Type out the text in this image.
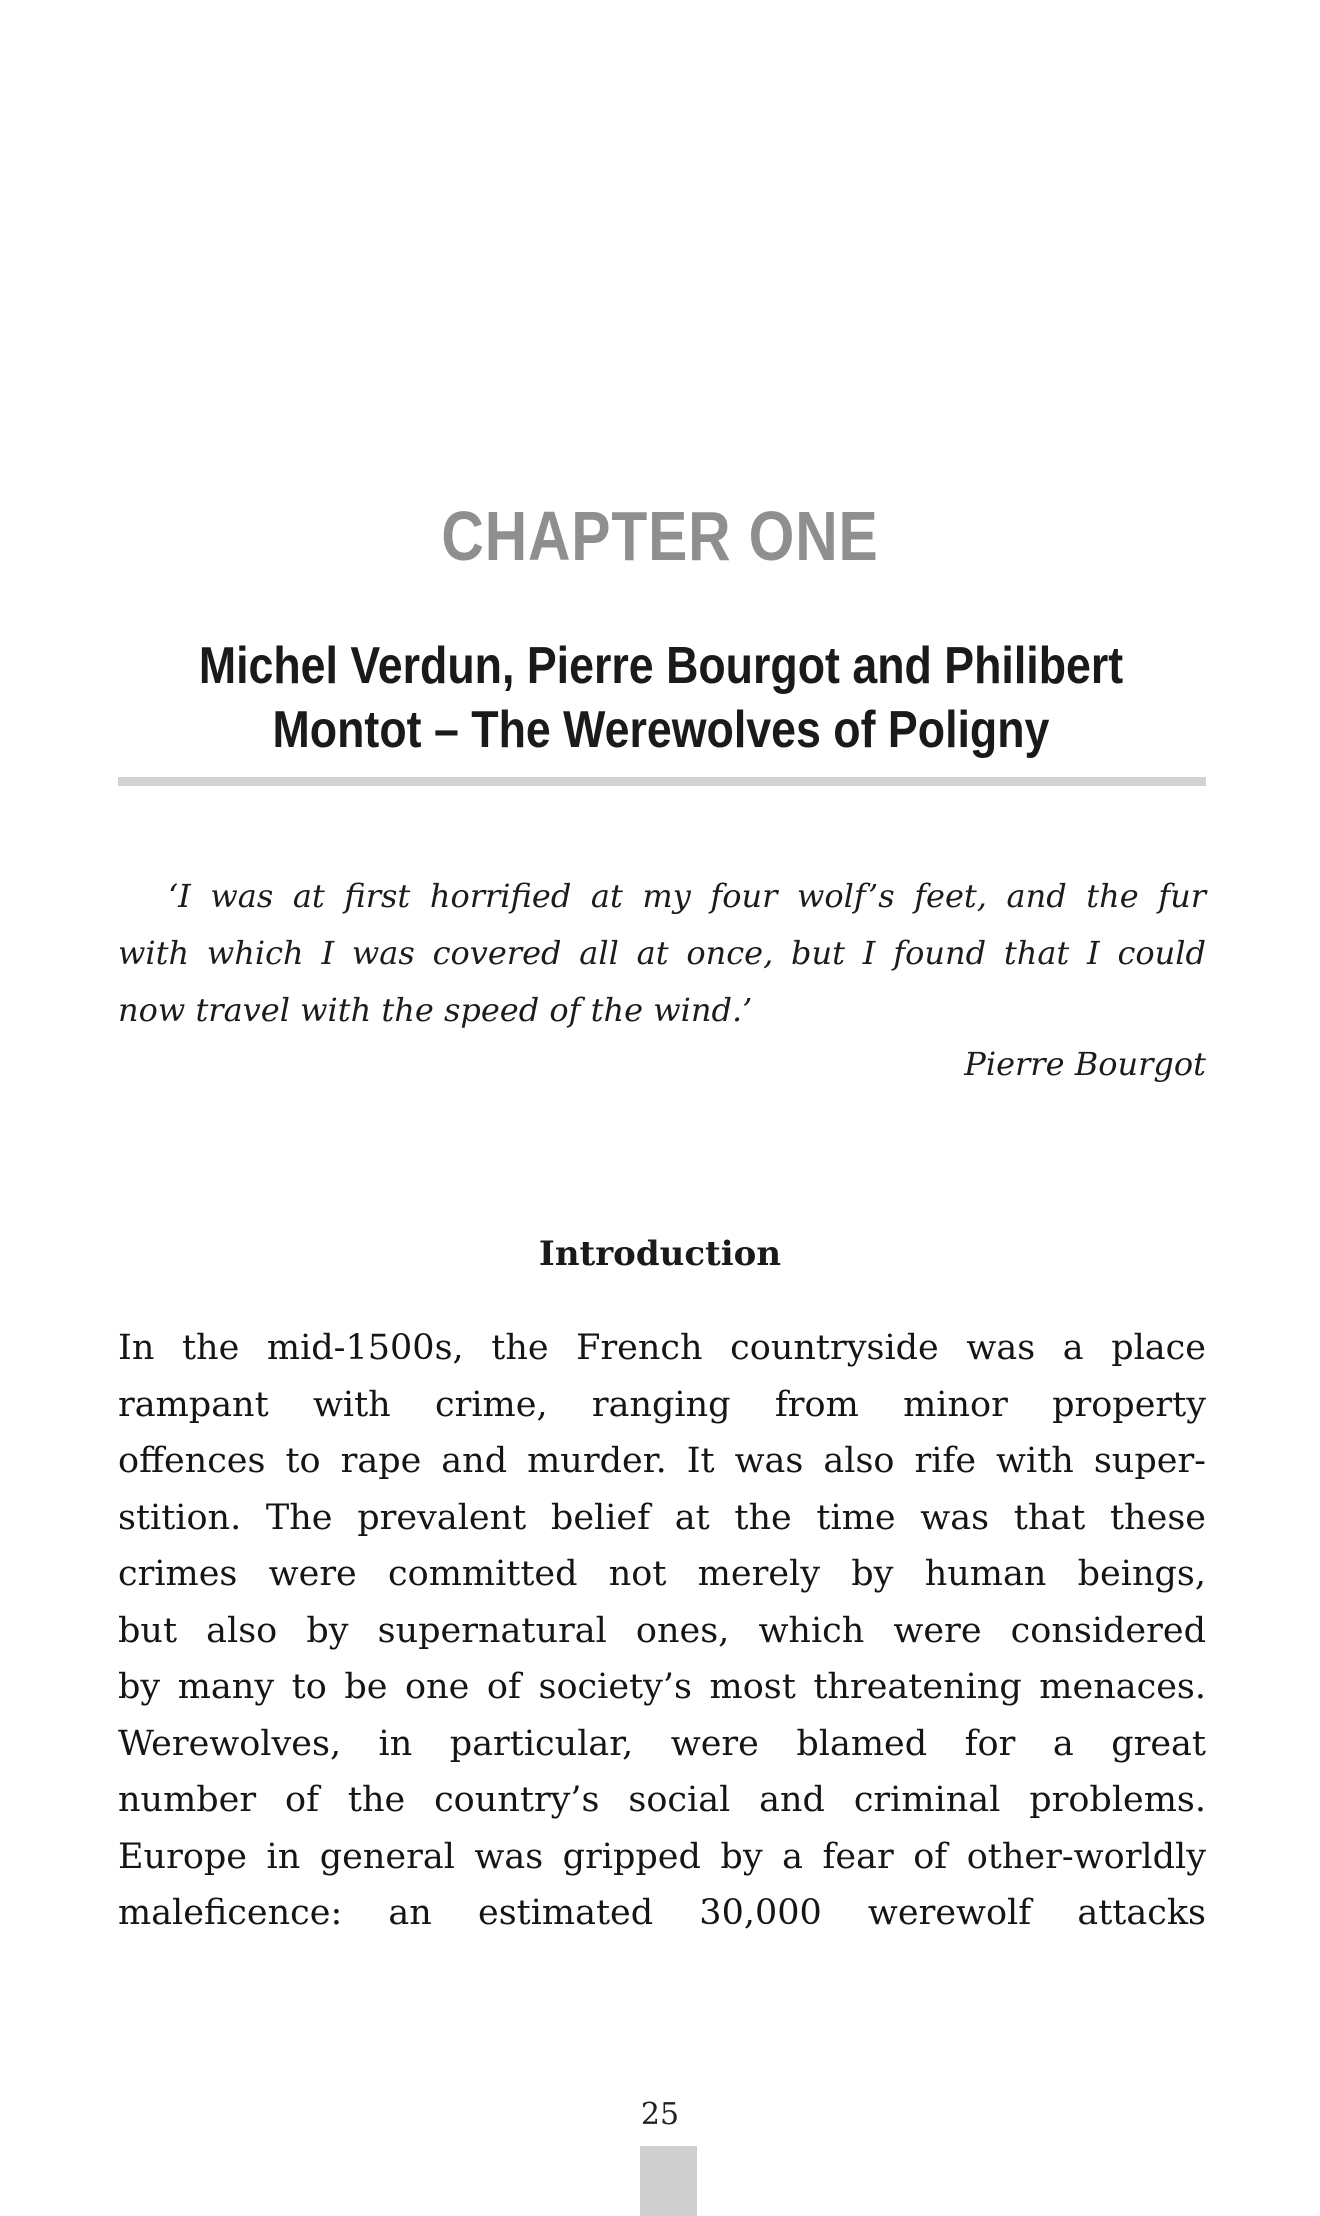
CHAPTER ONE
Michel Verdun, Pierre Bourgot and Philibert
Montot – The Werewolves of Poligny
‘I was at first horrified at my four wolf’s feet, and the fur
with which I was covered all at once, but I found that I could
now travel with the speed of the wind.’
Pierre Bourgot
Introduction
In the mid-1500s, the French countryside was a place
rampant with crime, ranging from minor property
offences to rape and murder. It was also rife with super-
stition. The prevalent belief at the time was that these
crimes were committed not merely by human beings,
but also by supernatural ones, which were considered
by many to be one of society’s most threatening menaces.
Werewolves, in particular, were blamed for a great
number of the country’s social and criminal problems.
Europe in general was gripped by a fear of other-worldly
maleficence: an estimated 30,000 werewolf attacks
25
